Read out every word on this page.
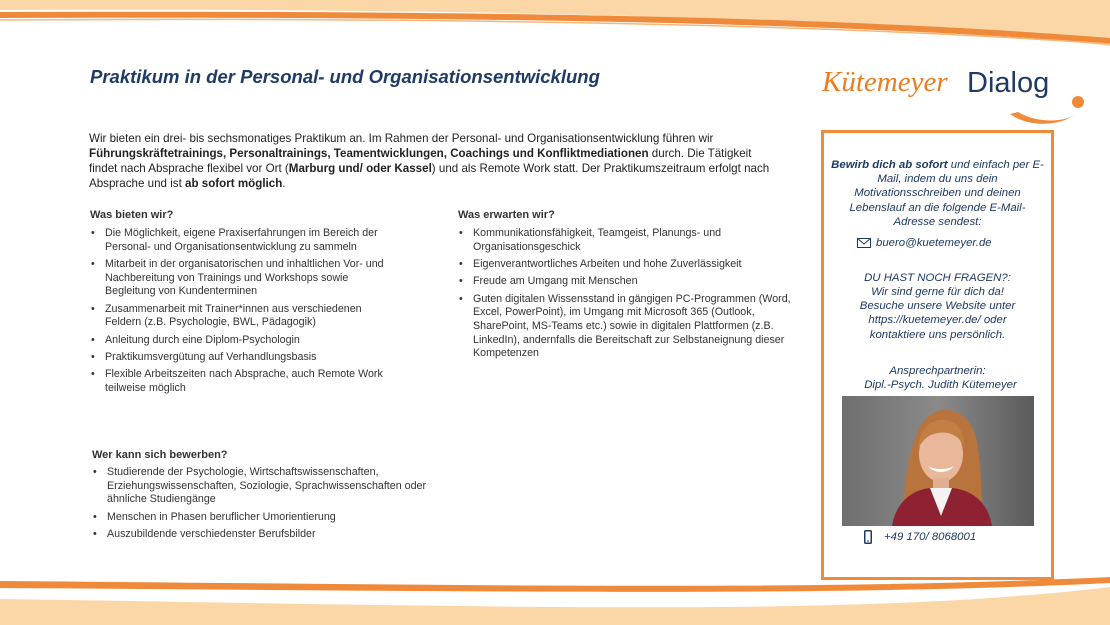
Praktikum in der Personal- und Organisationsentwicklung	Kütemeyer Dialog

Wir bieten ein drei- bis sechsmonatiges Praktikum an. Im Rahmen der Personal- und Organisationsentwicklung führen wir Führungskräftetrainings, Personaltrainings, Teamentwicklungen, Coachings und Konfliktmediationen durch. Die Tätigkeit findet nach Absprache flexibel vor Ort (Marburg und/ oder Kassel) und als Remote Work statt. Der Praktikumszeitraum erfolgt nach Absprache und ist ab sofort möglich.

Was bieten wir?
• Die Möglichkeit, eigene Praxiserfahrungen im Bereich der Personal- und Organisationsentwicklung zu sammeln
• Mitarbeit in der organisatorischen und inhaltlichen Vor- und Nachbereitung von Trainings und Workshops sowie Begleitung von Kundenterminen
• Zusammenarbeit mit Trainer*innen aus verschiedenen Feldern (z.B. Psychologie, BWL, Pädagogik)
• Anleitung durch eine Diplom-Psychologin
• Praktikumsvergütung auf Verhandlungsbasis
• Flexible Arbeitszeiten nach Absprache, auch Remote Work teilweise möglich
Was erwarten wir?
• Kommunikationsfähigkeit, Teamgeist, Planungs- und Organisationsgeschick
• Eigenverantwortliches Arbeiten und hohe Zuverlässigkeit
• Freude am Umgang mit Menschen
• Guten digitalen Wissensstand in gängigen PC-Programmen (Word, Excel, PowerPoint), im Umgang mit Microsoft 365 (Outlook, SharePoint, MS-Teams etc.) sowie in digitalen Plattformen (z.B. LinkedIn), andernfalls die Bereitschaft zur Selbstaneignung dieser Kompetenzen
Wer kann sich bewerben?
• Studierende der Psychologie, Wirtschaftswissenschaften, Erziehungswissenschaften, Soziologie, Sprachwissenschaften oder ähnliche Studiengänge
• Menschen in Phasen beruflicher Umorientierung
• Auszubildende verschiedenster Berufsbilder
Bewirb dich ab sofort und einfach per E-Mail, indem du uns dein Motivationsschreiben und deinen Lebenslauf an die folgende E-Mail-Adresse sendest:
buero@kuetemeyer.de
DU HAST NOCH FRAGEN?:
Wir sind gerne für dich da! Besuche unsere Website unter https://kuetemeyer.de/ oder kontaktiere uns persönlich.
Ansprechpartnerin:
Dipl.-Psych. Judith Kütemeyer
+49 170/ 8068001
